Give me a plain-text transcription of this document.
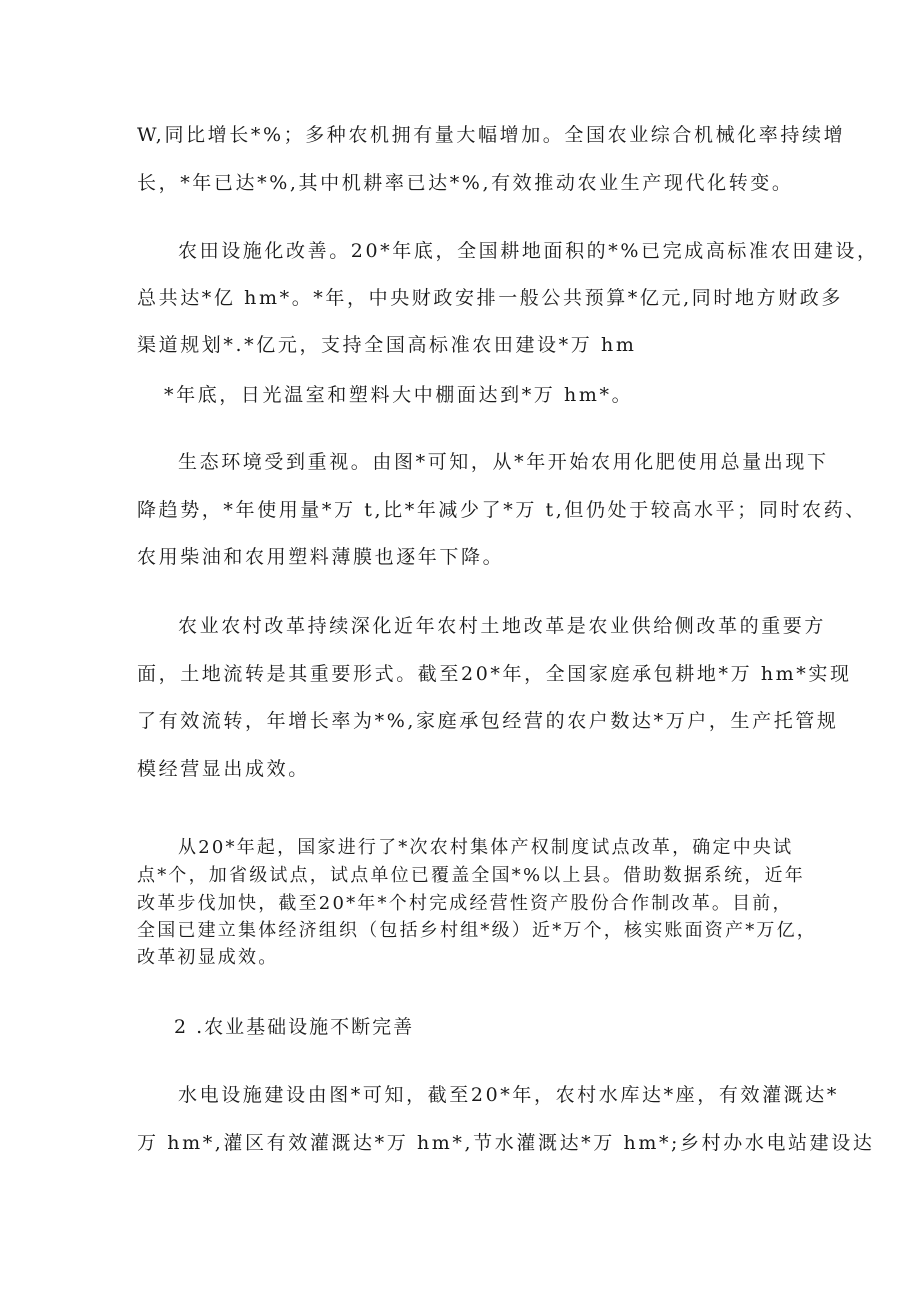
W,同比增长*%；多种农机拥有量大幅增加。全国农业综合机械化率持续增
长，*年已达*%,其中机耕率已达*%,有效推动农业生产现代化转变。
农田设施化改善。20*年底，全国耕地面积的*%已完成高标准农田建设，
总共达*亿 hm*。*年，中央财政安排一般公共预算*亿元,同时地方财政多
渠道规划*.*亿元，支持全国高标准农田建设*万 hm
*年底，日光温室和塑料大中棚面达到*万 hm*。
生态环境受到重视。由图*可知，从*年开始农用化肥使用总量出现下
降趋势，*年使用量*万 t,比*年减少了*万 t,但仍处于较高水平；同时农药、
农用柴油和农用塑料薄膜也逐年下降。
农业农村改革持续深化近年农村土地改革是农业供给侧改革的重要方
面，土地流转是其重要形式。截至20*年，全国家庭承包耕地*万 hm*实现
了有效流转，年增长率为*%,家庭承包经营的农户数达*万户，生产托管规
模经营显出成效。
从20*年起，国家进行了*次农村集体产权制度试点改革，确定中央试
点*个，加省级试点，试点单位已覆盖全国*%以上县。借助数据系统，近年
改革步伐加快，截至20*年*个村完成经营性资产股份合作制改革。目前，
全国已建立集体经济组织（包括乡村组*级）近*万个，核实账面资产*万亿，
改革初显成效。
2 .农业基础设施不断完善
水电设施建设由图*可知，截至20*年，农村水库达*座，有效灌溉达*
万 hm*,灌区有效灌溉达*万 hm*,节水灌溉达*万 hm*;乡村办水电站建设达
